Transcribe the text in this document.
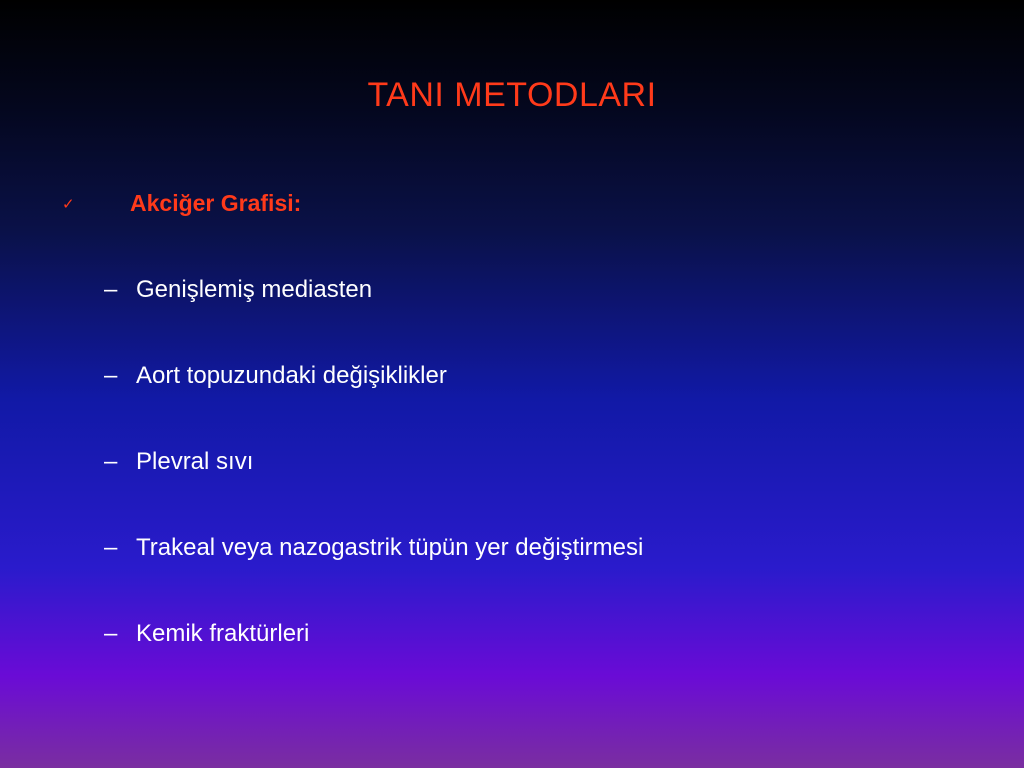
TANI METODLARI
✓	Akciğer Grafisi:
– Genişlemiş mediasten
– Aort topuzundaki değişiklikler
– Plevral sıvı
– Trakeal veya nazogastrik tüpün yer değiştirmesi
– Kemik fraktürleri
